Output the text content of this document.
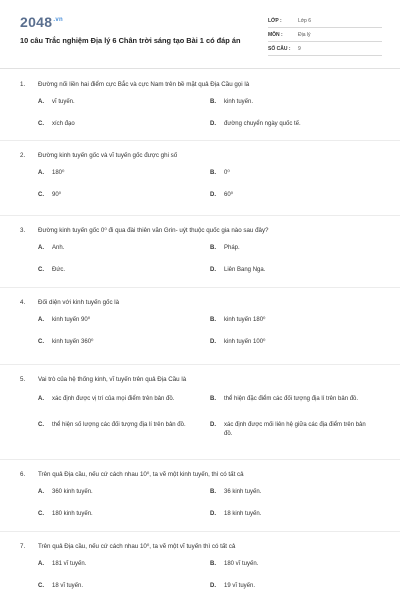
$2048^{.vn}$
10 câu Trắc nghiệm Địa lý 6 Chân trời sáng tạo Bài 1 có đáp án
LỚP :	Lớp 6
MÔN :	Địa lý
SỐ CÂU :	9
1.	Đường nối liền hai điểm cực Bắc và cực Nam trên bề mặt quả Địa Cầu gọi là
A.	vĩ tuyến.	B.	kinh tuyến.
C.	xích đạo	D.	đường chuyển ngày quốc tế.
2.	Đường kinh tuyến gốc và vĩ tuyến gốc được ghi số
A.	180⁰	B.	0⁰
C.	90⁰	D.	60⁰
3.	Đường kinh tuyến gốc 0⁰ đi qua đài thiên văn Grin- uýt thuộc quốc gia nào sau đây?
A.	Anh.	B.	Pháp.
C.	Đức.	D.	Liên Bang Nga.
4.	Đối diện với kinh tuyến gốc là
A.	kinh tuyến 90⁰	B.	kinh tuyến 180⁰
C.	kinh tuyến 360⁰	D.	kinh tuyến 100⁰
5.	Vai trò của hệ thống kinh, vĩ tuyến trên quả Địa Cầu là
A.	xác định được vị trí của mọi điểm trên bản đồ.	B.	thể hiện đặc điểm các đối tượng địa lí trên bản đồ.
C.	thể hiện số lượng các đối tượng địa lí trên bản đồ.	D.	xác định được mối liên hệ giữa các địa điểm trên bản đồ.
6.	Trên quả Địa cầu, nếu cứ cách nhau 10⁰, ta vẽ một kinh tuyến, thì có tất cả
A.	360 kinh tuyến.	B.	36 kinh tuyến.
C.	180 kinh tuyến.	D.	18 kinh tuyến.
7.	Trên quả Địa cầu, nếu cứ cách nhau 10⁰, ta vẽ một vĩ tuyến thì có tất cả
A.	181 vĩ tuyến.	B.	180 vĩ tuyến.
C.	18 vĩ tuyến.	D.	19 vĩ tuyến.
